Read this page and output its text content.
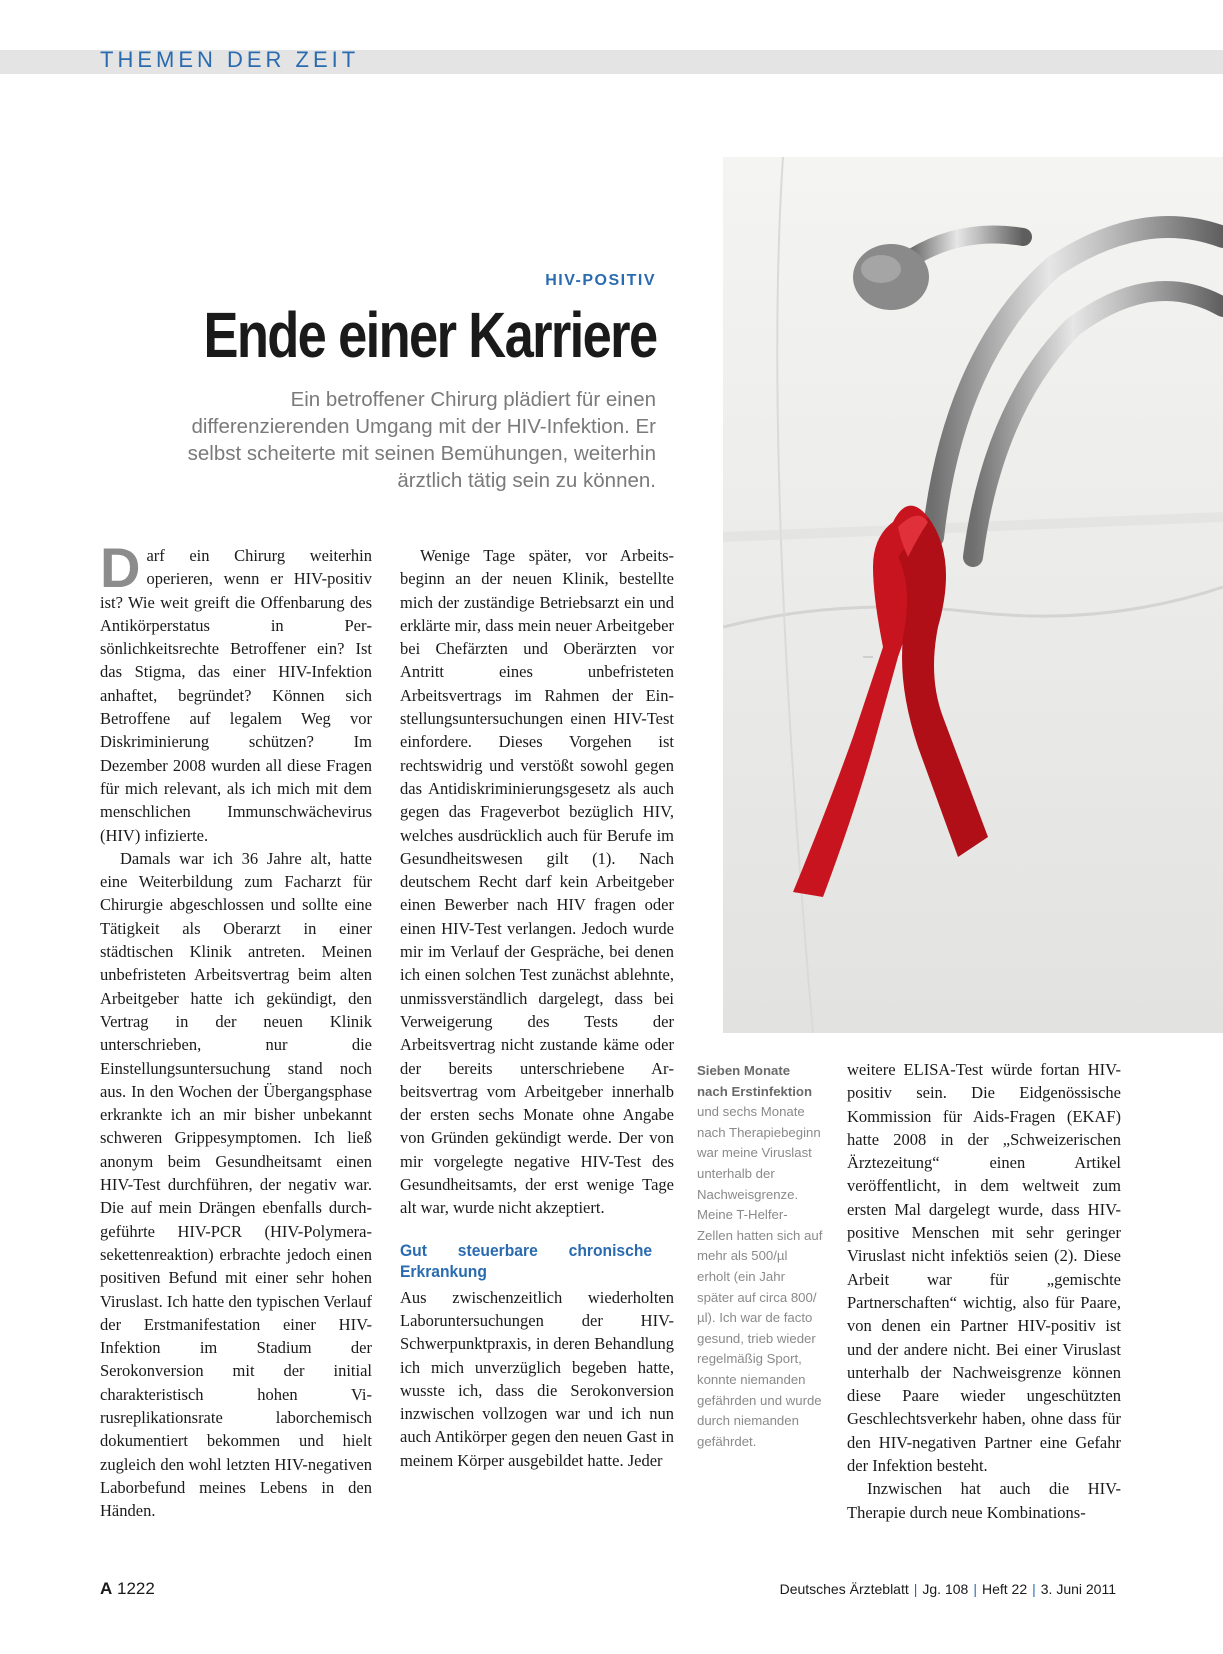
THEMEN DER ZEIT
HIV-POSITIV
Ende einer Karriere
Ein betroffener Chirurg plädiert für einen differenzierenden Umgang mit der HIV-Infektion. Er selbst scheiterte mit seinen Bemühungen, weiterhin ärztlich tätig sein zu können.

Darf ein Chirurg weiterhin operieren, wenn er HIV-positiv ist? Wie weit greift die Offenbarung des Antikörperstatus in Persönlichkeitsrechte Betroffener ein? Ist das Stigma, das einer HIV-Infektion anhaftet, begründet? Können sich Betroffene auf legalem Weg vor Diskriminierung schützen? Im Dezember 2008 wurden all diese Fragen für mich relevant, als ich mich mit dem menschlichen Immunschwächevirus (HIV) infizierte.

Damals war ich 36 Jahre alt, hatte eine Weiterbildung zum Facharzt für Chirurgie abgeschlossen und sollte eine Tätigkeit als Oberarzt in einer städtischen Klinik antreten. Meinen unbefristeten Arbeitsvertrag beim alten Arbeitgeber hatte ich gekündigt, den Vertrag in der neuen Klinik unterschrieben, nur die Einstellungsuntersuchung stand noch aus. In den Wochen der Übergangsphase erkrankte ich an mir bisher unbekannt schweren Grippesymptomen. Ich ließ anonym beim Gesundheitsamt einen HIV-Test durchführen, der negativ war. Die auf mein Drängen ebenfalls durchgeführte HIV-PCR (HIV-Polymerasekettenreaktion) erbrachte jedoch einen positiven Befund mit einer sehr hohen Viruslast. Ich hatte den typischen Verlauf der Erstmanifestation einer HIV-Infektion im Stadium der Serokonversion mit der initial charakteristisch hohen Virusreplikationsrate laborchemisch dokumentiert bekommen und hielt zugleich den wohl letzten HIV-negativen Laborbefund meines Lebens in den Händen.

Wenige Tage später, vor Arbeitsbeginn an der neuen Klinik, bestellte mich der zuständige Betriebsarzt ein und erklärte mir, dass mein neuer Arbeitgeber bei Chefärzten und Oberärzten vor Antritt eines unbefristeten Arbeitsvertrags im Rahmen der Einstellungsuntersuchungen einen HIV-Test einfordere. Dieses Vorgehen ist rechtswidrig und verstößt sowohl gegen das Antidiskriminierungsgesetz als auch gegen das Frageverbot bezüglich HIV, welches ausdrücklich auch für Berufe im Gesundheitswesen gilt (1). Nach deutschem Recht darf kein Arbeitgeber einen Bewerber nach HIV fragen oder einen HIV-Test verlangen. Jedoch wurde mir im Verlauf der Gespräche, bei denen ich einen solchen Test zunächst ablehnte, unmissverständlich dargelegt, dass bei Verweigerung des Tests der Arbeitsvertrag nicht zustande käme oder der bereits unterschriebene Arbeitsvertrag vom Arbeitgeber innerhalb der ersten sechs Monate ohne Angabe von Gründen gekündigt werde. Der von mir vorgelegte negative HIV-Test des Gesundheitsamts, der erst wenige Tage alt war, wurde nicht akzeptiert.

Gut steuerbare chronische Erkrankung

Aus zwischenzeitlich wiederholten Laboruntersuchungen der HIV-Schwerpunktpraxis, in deren Behandlung ich mich unverzüglich begeben hatte, wusste ich, dass die Serokonversion inzwischen vollzogen war und ich nun auch Antikörper gegen den neuen Gast in meinem Körper ausgebildet hatte. Jeder

Sieben Monate nach Erstinfektion und sechs Monate nach Therapiebeginn war meine Viruslast unterhalb der Nachweisgrenze. Meine T-Helfer-Zellen hatten sich auf mehr als 500/µl erholt (ein Jahr später auf circa 800/µl). Ich war de facto gesund, trieb wieder regelmäßig Sport, konnte niemanden gefährden und wurde durch niemanden gefährdet.

weitere ELISA-Test würde fortan HIV-positiv sein. Die Eidgenössische Kommission für Aids-Fragen (EKAF) hatte 2008 in der „Schweizerischen Ärztezeitung“ einen Artikel veröffentlicht, in dem weltweit zum ersten Mal dargelegt wurde, dass HIV-positive Menschen mit sehr geringer Viruslast nicht infektiös seien (2). Diese Arbeit war für „gemischte Partnerschaften“ wichtig, also für Paare, von denen ein Partner HIV-positiv ist und der andere nicht. Bei einer Viruslast unterhalb der Nachweisgrenze können diese Paare wieder ungeschützten Geschlechtsverkehr haben, ohne dass für den HIV-negativen Partner eine Gefahr der Infektion besteht.

Inzwischen hat auch die HIV-Therapie durch neue Kombinations-

A 1222	Deutsches Ärzteblatt | Jg. 108 | Heft 22 | 3. Juni 2011
